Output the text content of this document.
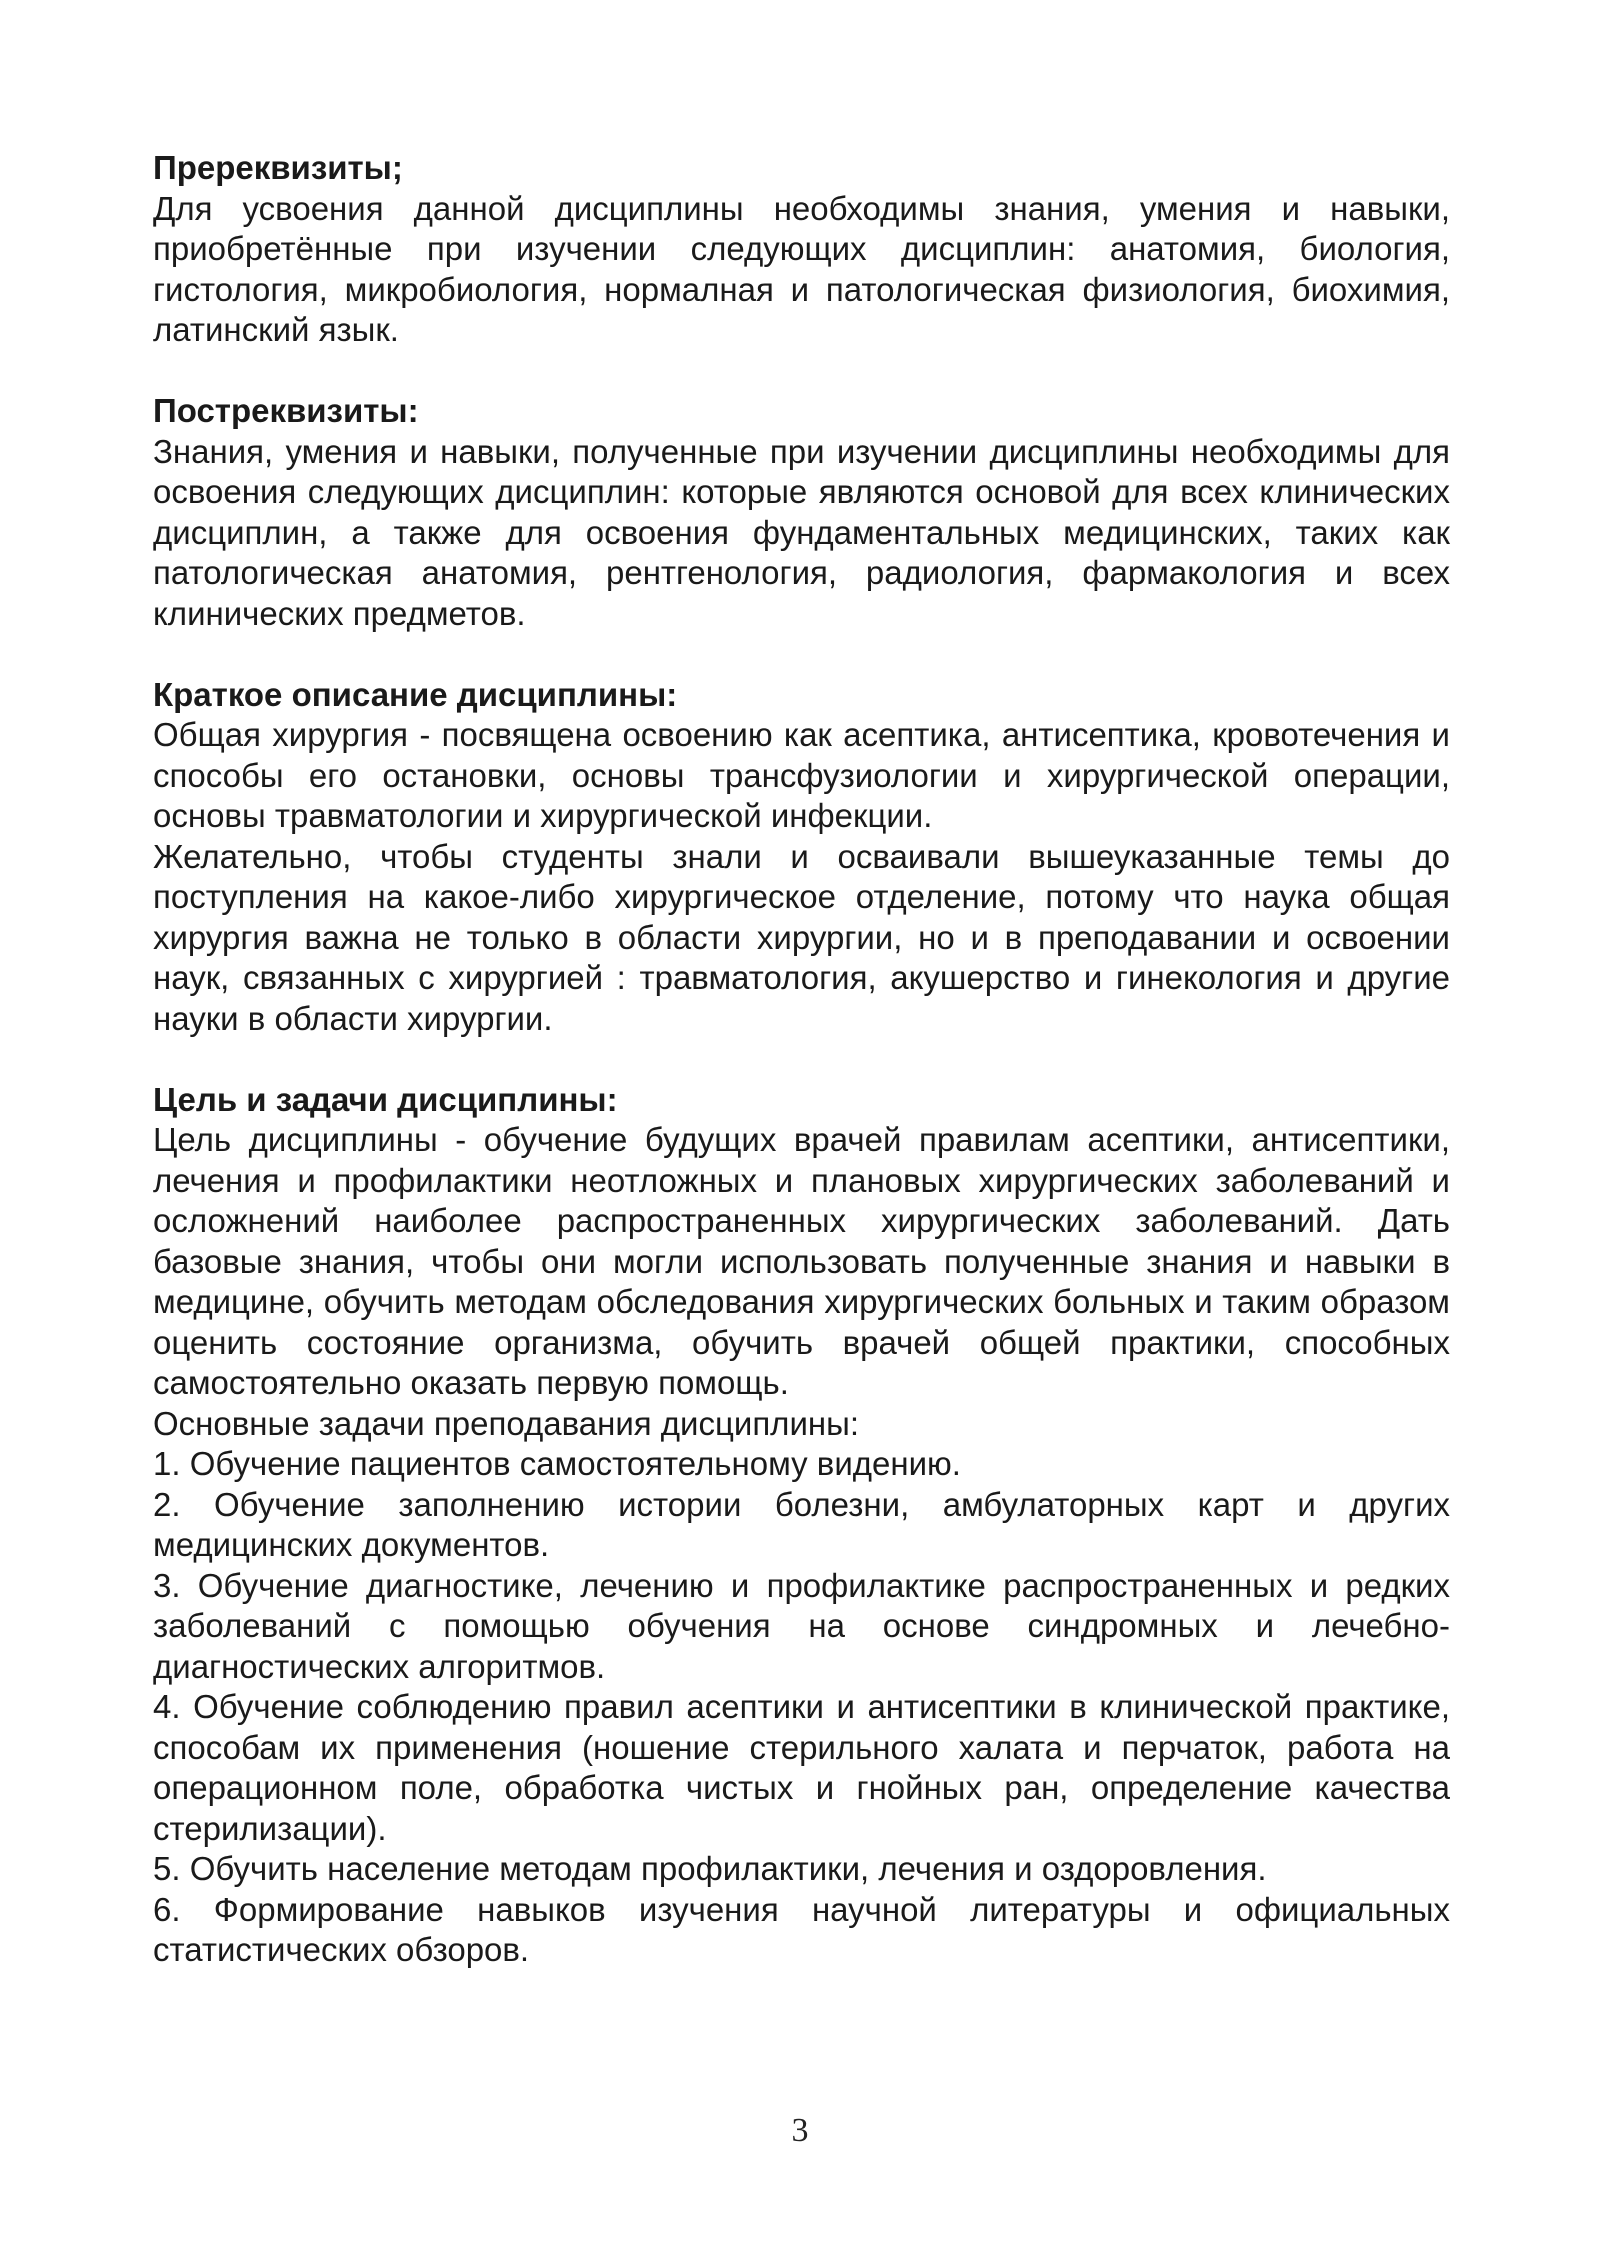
Пререквизиты;

Для усвоения данной дисциплины необходимы знания, умения и навыки, приобретённые при изучении следующих дисциплин: анатомия, биология, гистология, микробиология, нормалная и патологическая физиология, биохимия, латинский язык.

Постреквизиты:

Знания, умения и навыки, полученные при изучении дисциплины необходимы для освоения следующих дисциплин: которые являются основой для всех клинических дисциплин, а также для освоения фундаментальных медицинских, таких как патологическая анатомия, рентгенология, радиология, фармакология и всех клинических предметов.

Краткое описание дисциплины:

Общая хирургия - посвящена освоению как асептика, антисептика, кровотечения и способы его остановки, основы трансфузиологии и хирургической операции, основы травматологии и хирургической инфекции.

Желательно, чтобы студенты знали и осваивали вышеуказанные темы до поступления на какое-либо хирургическое отделение, потому что наука общая хирургия важна не только в области хирургии, но и в преподавании и освоении наук, связанных с хирургией : травматология, акушерство и гинекология и другие науки в области хирургии.

Цель и задачи дисциплины:

Цель дисциплины - обучение будущих врачей правилам асептики, антисептики, лечения и профилактики неотложных и плановых хирургических заболеваний и осложнений наиболее распространенных хирургических заболеваний. Дать базовые знания, чтобы они могли использовать полученные знания и навыки в медицине, обучить методам обследования хирургических больных и таким образом оценить состояние организма, обучить врачей общей практики, способных самостоятельно оказать первую помощь.

Основные задачи преподавания дисциплины:

1. Обучение пациентов самостоятельному видению.

2. Обучение заполнению истории болезни, амбулаторных карт и других медицинских документов.

3. Обучение диагностике, лечению и профилактике распространенных и редких заболеваний с помощью обучения на основе синдромных и лечебно-диагностических алгоритмов.

4. Обучение соблюдению правил асептики и антисептики в клинической практике, способам их применения (ношение стерильного халата и перчаток, работа на операционном поле, обработка чистых и гнойных ран, определение качества стерилизации).

5. Обучить население методам профилактики, лечения и оздоровления.

6. Формирование навыков изучения научной литературы и официальных статистических обзоров.

3
